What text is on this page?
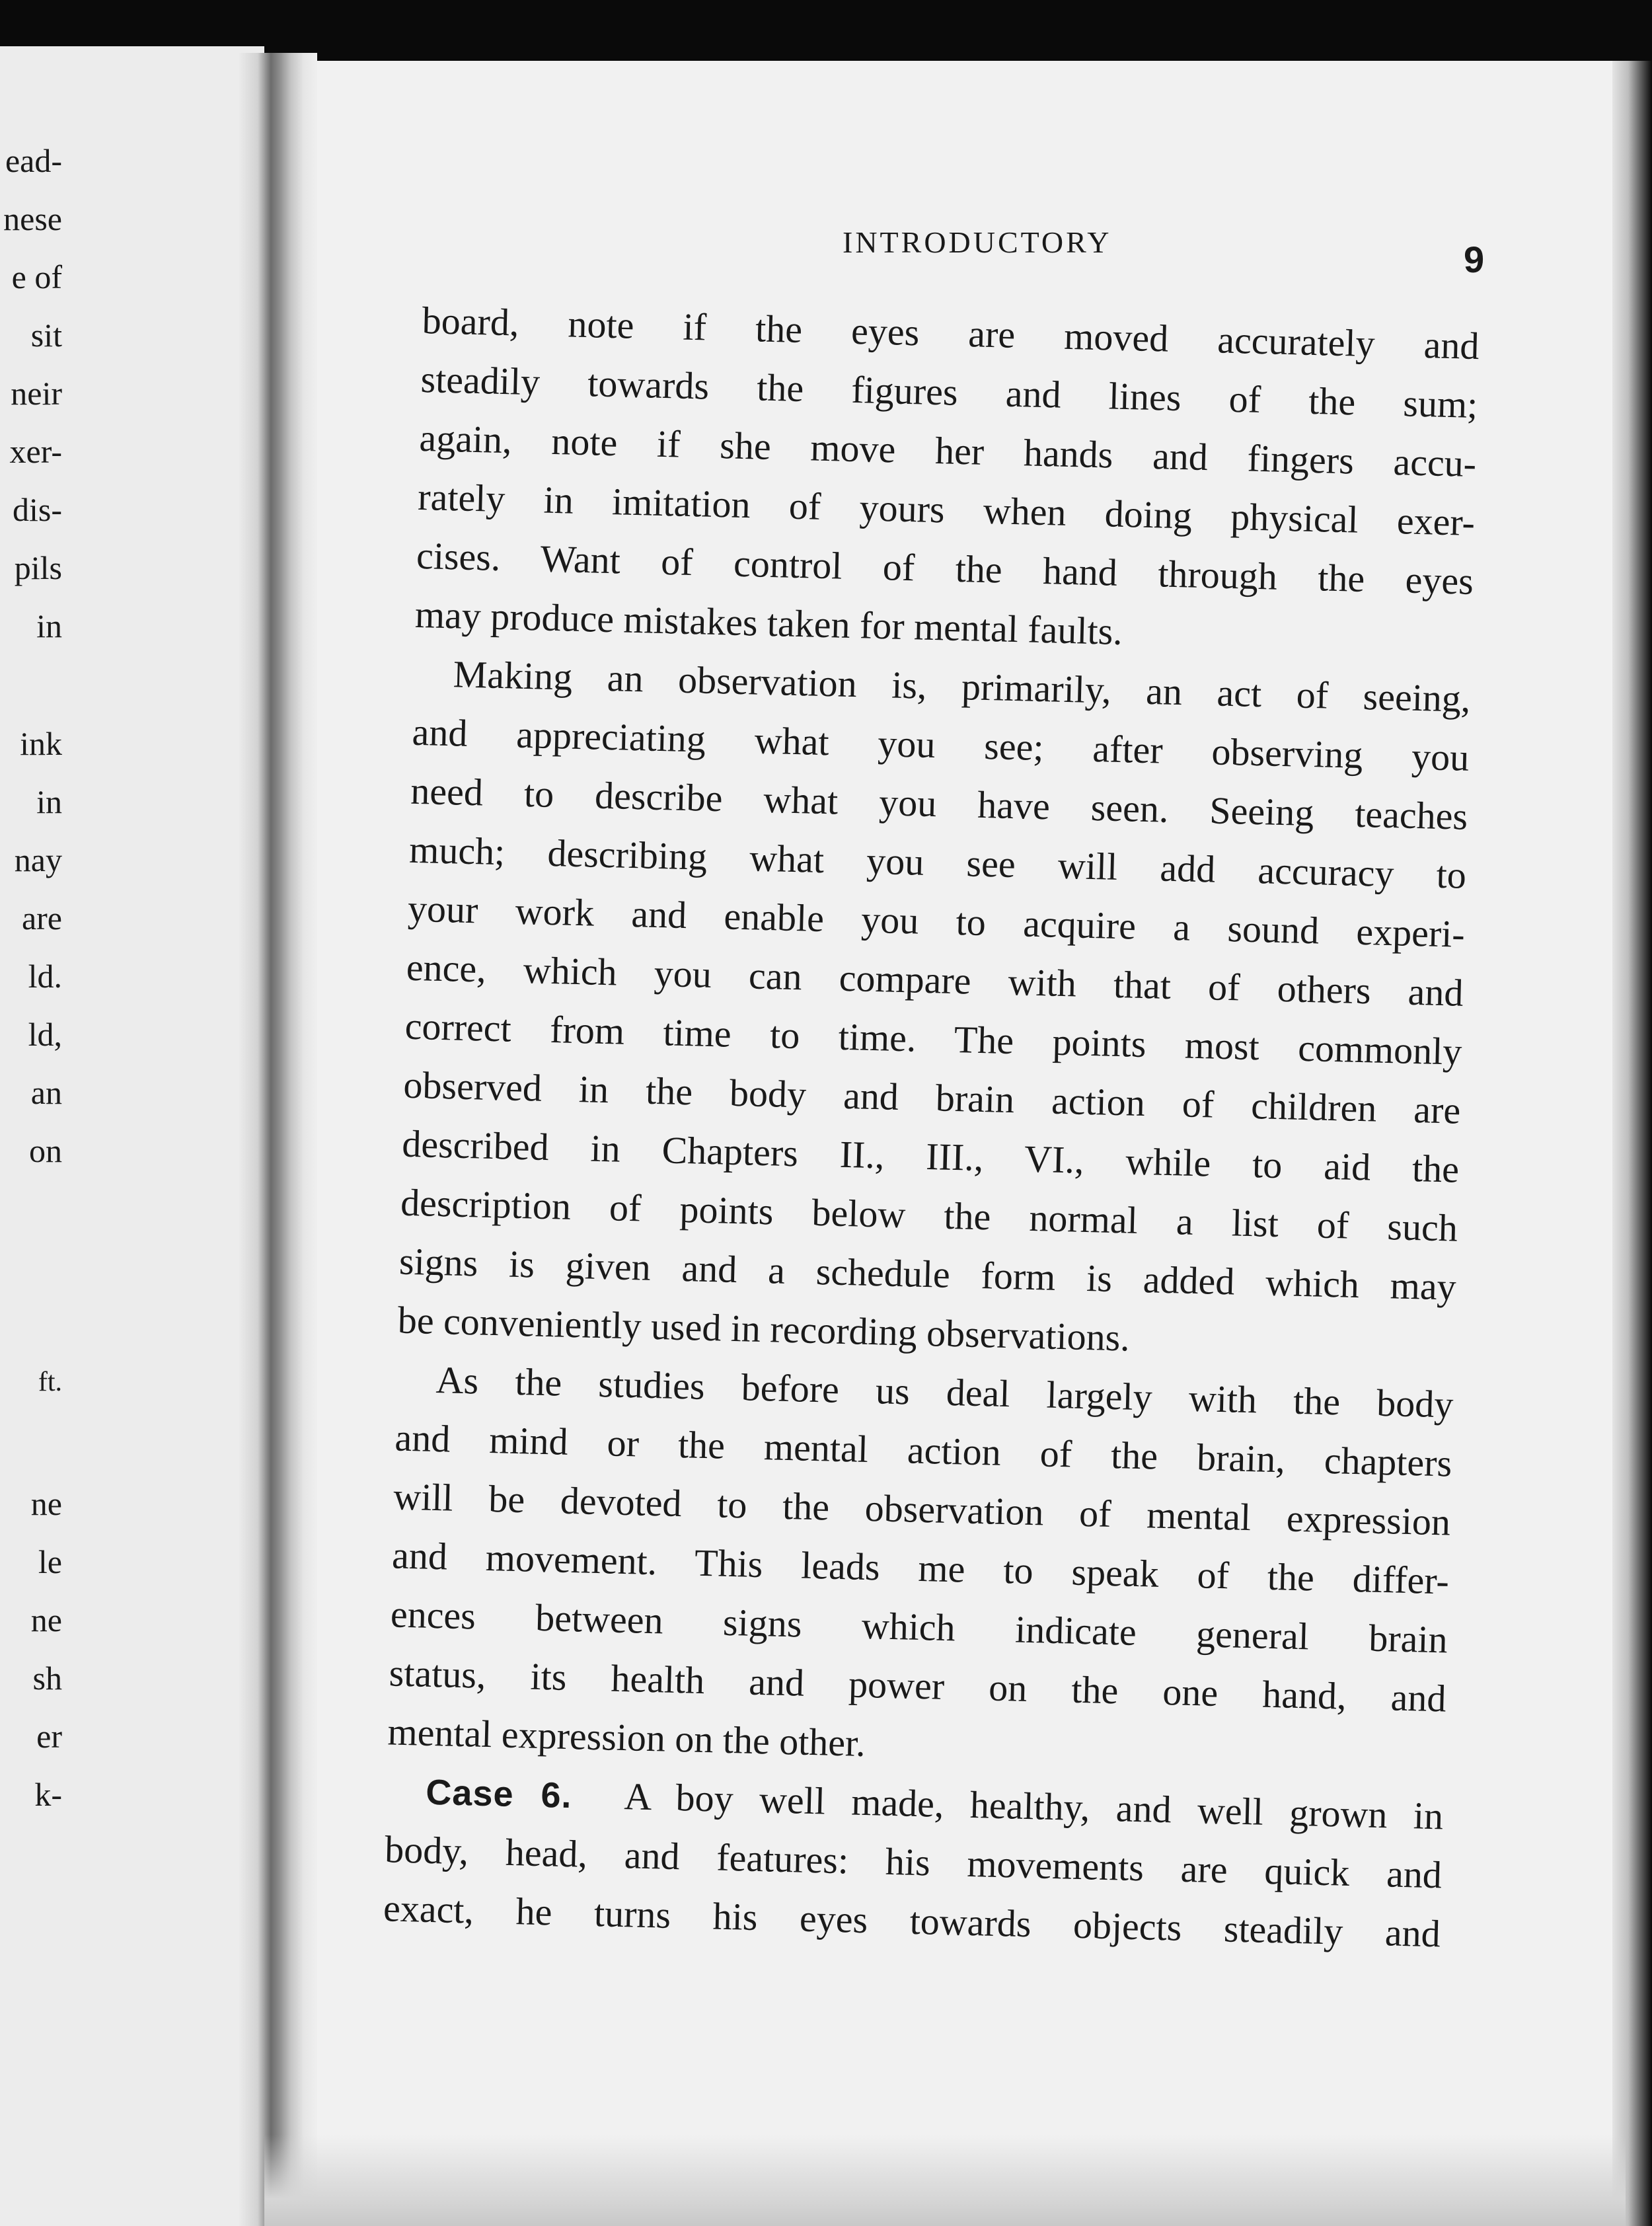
ead-
nese
e of
sit
neir
xer-
dis-
pils
in
ink
in
nay
are
ld.
ld,
an
on
ft.
ne
le
ne
sh
er
k-
INTRODUCTORY	9
board, note if the eyes are moved accurately and
steadily towards the figures and lines of the sum;
again, note if she move her hands and fingers accu-
rately in imitation of yours when doing physical exer-
cises. Want of control of the hand through the eyes
may produce mistakes taken for mental faults.
Making an observation is, primarily, an act of seeing,
and appreciating what you see; after observing you
need to describe what you have seen. Seeing teaches
much; describing what you see will add accuracy to
your work and enable you to acquire a sound experi-
ence, which you can compare with that of others and
correct from time to time. The points most commonly
observed in the body and brain action of children are
described in Chapters II., III., VI., while to aid the
description of points below the normal a list of such
signs is given and a schedule form is added which may
be conveniently used in recording observations.
As the studies before us deal largely with the body
and mind or the mental action of the brain, chapters
will be devoted to the observation of mental expression
and movement. This leads me to speak of the differ-
ences between signs which indicate general brain
status, its health and power on the one hand, and
mental expression on the other.
Case 6. A boy well made, healthy, and well grown in
body, head, and features: his movements are quick and
exact, he turns his eyes towards objects steadily and
